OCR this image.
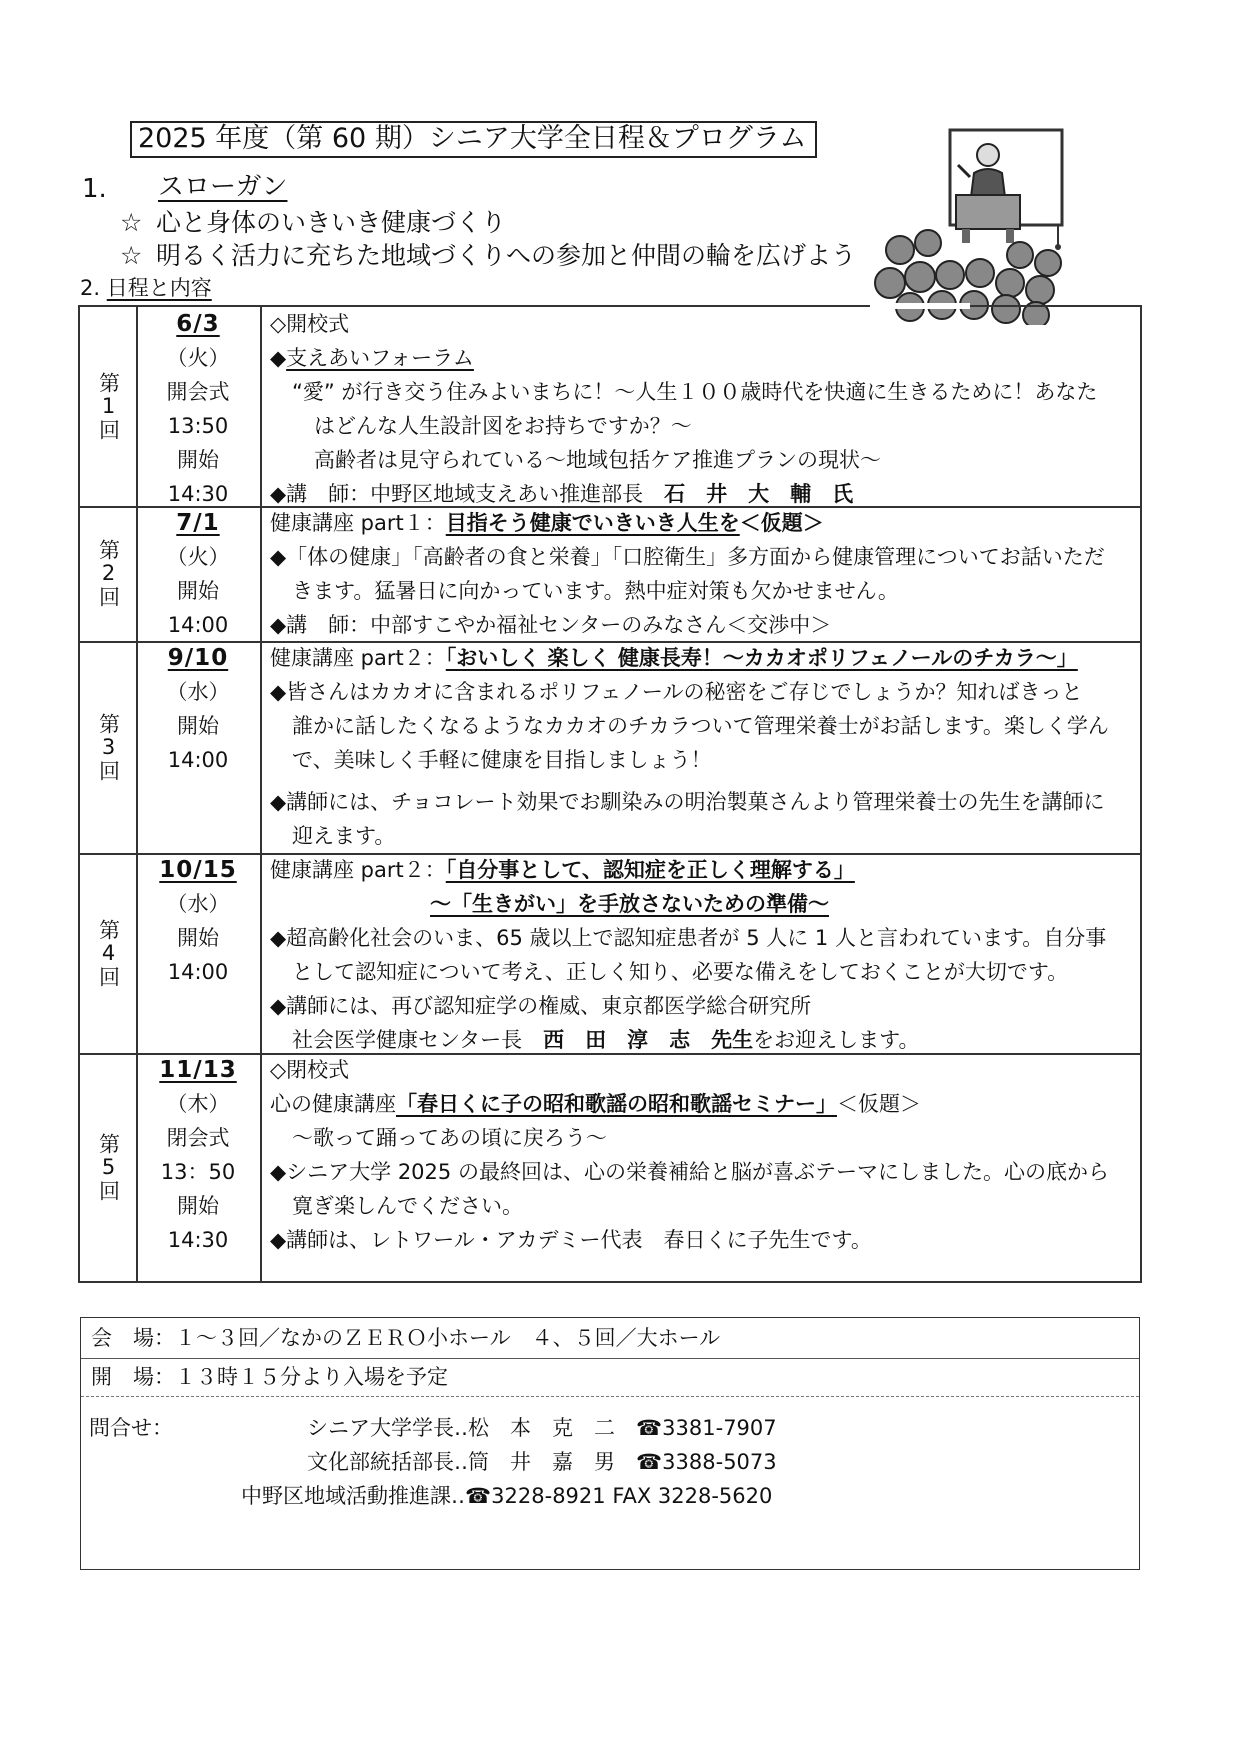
2025 年度（第 60 期）シニア大学全日程＆プログラム
1. スローガン
☆ 心と身体のいきいき健康づくり
☆ 明るく活力に充ちた地域づくりへの参加と仲間の輪を広げよう
2. 日程と内容
第1回
6/3
（火）
開会式
13:50
開始
14:30
◇開校式
◆支えあいフォーラム
“愛” が行き交う住みよいまちに！～人生１００歳時代を快適に生きるために！あなた
はどんな人生設計図をお持ちですか？～
高齢者は見守られている～地域包括ケア推進プランの現状～
◆講　師：中野区地域支えあい推進部長　 石　井　大　輔　氏
第2回
7/1
（火）
開始
14:00
健康講座 part１：目指そう健康でいきいき人生を＜仮題＞
◆「体の健康」「高齢者の食と栄養」「口腔衛生」多方面から健康管理についてお話いただ
きます。猛暑日に向かっています。熱中症対策も欠かせません。
◆講　師：中部すこやか福祉センターのみなさん＜交渉中＞
第3回
9/10
（水）
開始
14:00
健康講座 part２：「おいしく 楽しく 健康長寿！～カカオポリフェノールのチカラ～」
◆皆さんはカカオに含まれるポリフェノールの秘密をご存じでしょうか？知ればきっと
誰かに話したくなるようなカカオのチカラついて管理栄養士がお話します。楽しく学ん
で、美味しく手軽に健康を目指しましょう！
◆講師には、チョコレート効果でお馴染みの明治製菓さんより管理栄養士の先生を講師に
迎えます。
第4回
10/15
（水）
開始
14:00
健康講座 part２：「自分事として、認知症を正しく理解する」
～「生きがい」を手放さないための準備～
◆超高齢化社会のいま、65 歳以上で認知症患者が 5 人に 1 人と言われています。自分事
として認知症について考え、正しく知り、必要な備えをしておくことが大切です。
◆講師には、再び認知症学の権威、東京都医学総合研究所
社会医学健康センター長　 西　田　淳　志　先生をお迎えします。
第5回
11/13
（木）
閉会式
13：50
開始
14:30
◇閉校式
心の健康講座「春日くに子の昭和歌謡の昭和歌謡セミナー」＜仮題＞
～歌って踊ってあの頃に戻ろう～
◆シニア大学 2025 の最終回は、心の栄養補給と脳が喜ぶテーマにしました。心の底から
寛ぎ楽しんでください。
◆講師は、レトワール・アカデミー代表　春日くに子先生です。
会　場：１～３回／なかのＺＥＲＯ小ホール　４、５回／大ホール
開　場：１３時１５分より入場を予定
問合せ：	シニア大学学長‥松　本　克　二　☎3381-7907
文化部統括部長‥筒　井　嘉　男　☎3388-5073
中野区地域活動推進課‥☎3228-8921 FAX 3228-5620
